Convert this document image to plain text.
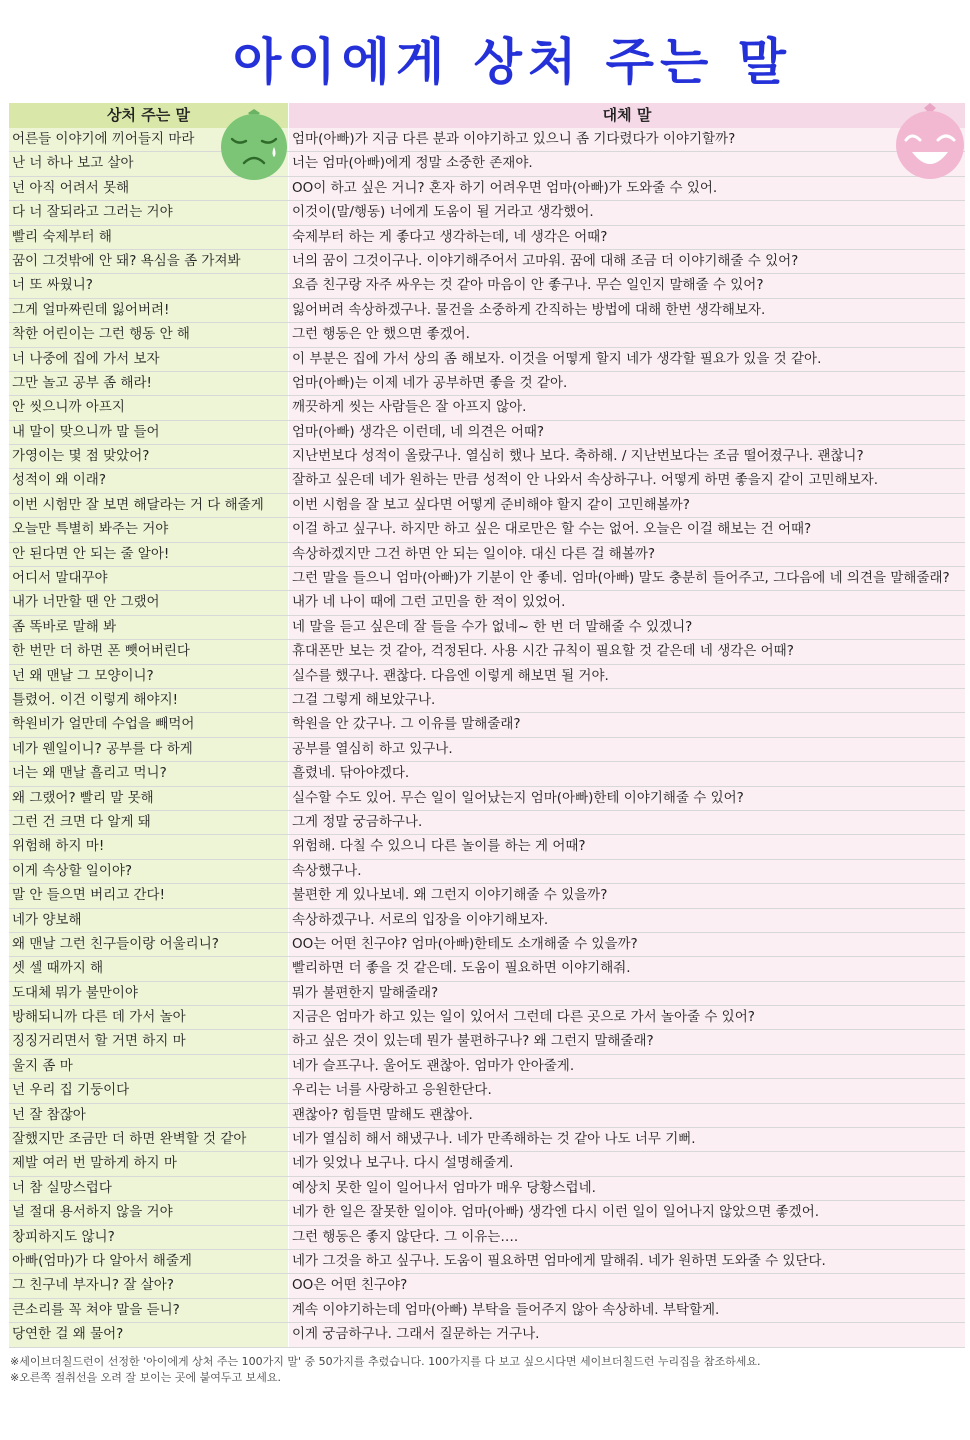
아이에게 상처 주는 말
상처 주는 말	대체 말
어른들 이야기에 끼어들지 마라	엄마(아빠)가 지금 다른 분과 이야기하고 있으니 좀 기다렸다가 이야기할까?
난 너 하나 보고 살아	너는 엄마(아빠)에게 정말 소중한 존재야.
넌 아직 어려서 못해	OO이 하고 싶은 거니? 혼자 하기 어려우면 엄마(아빠)가 도와줄 수 있어.
다 너 잘되라고 그러는 거야	이것이(말/행동) 너에게 도움이 될 거라고 생각했어.
빨리 숙제부터 해	숙제부터 하는 게 좋다고 생각하는데, 네 생각은 어때?
꿈이 그것밖에 안 돼? 욕심을 좀 가져봐	너의 꿈이 그것이구나. 이야기해주어서 고마워. 꿈에 대해 조금 더 이야기해줄 수 있어?
너 또 싸웠니?	요즘 친구랑 자주 싸우는 것 같아 마음이 안 좋구나. 무슨 일인지 말해줄 수 있어?
그게 얼마짜린데 잃어버려!	잃어버려 속상하겠구나. 물건을 소중하게 간직하는 방법에 대해 한번 생각해보자.
착한 어린이는 그런 행동 안 해	그런 행동은 안 했으면 좋겠어.
너 나중에 집에 가서 보자	이 부분은 집에 가서 상의 좀 해보자. 이것을 어떻게 할지 네가 생각할 필요가 있을 것 같아.
그만 놀고 공부 좀 해라!	엄마(아빠)는 이제 네가 공부하면 좋을 것 같아.
안 씻으니까 아프지	깨끗하게 씻는 사람들은 잘 아프지 않아.
내 말이 맞으니까 말 들어	엄마(아빠) 생각은 이런데, 네 의견은 어때?
가영이는 몇 점 맞았어?	지난번보다 성적이 올랐구나. 열심히 했나 보다. 축하해. / 지난번보다는 조금 떨어졌구나. 괜찮니?
성적이 왜 이래?	잘하고 싶은데 네가 원하는 만큼 성적이 안 나와서 속상하구나. 어떻게 하면 좋을지 같이 고민해보자.
이번 시험만 잘 보면 해달라는 거 다 해줄게	이번 시험을 잘 보고 싶다면 어떻게 준비해야 할지 같이 고민해볼까?
오늘만 특별히 봐주는 거야	이걸 하고 싶구나. 하지만 하고 싶은 대로만은 할 수는 없어. 오늘은 이걸 해보는 건 어때?
안 된다면 안 되는 줄 알아!	속상하겠지만 그건 하면 안 되는 일이야. 대신 다른 걸 해볼까?
어디서 말대꾸야	그런 말을 들으니 엄마(아빠)가 기분이 안 좋네. 엄마(아빠) 말도 충분히 들어주고, 그다음에 네 의견을 말해줄래?
내가 너만할 땐 안 그랬어	내가 네 나이 때에 그런 고민을 한 적이 있었어.
좀 똑바로 말해 봐	네 말을 듣고 싶은데 잘 들을 수가 없네~ 한 번 더 말해줄 수 있겠니?
한 번만 더 하면 폰 뺏어버린다	휴대폰만 보는 것 같아, 걱정된다. 사용 시간 규칙이 필요할 것 같은데 네 생각은 어때?
넌 왜 맨날 그 모양이니?	실수를 했구나. 괜찮다. 다음엔 이렇게 해보면 될 거야.
틀렸어. 이건 이렇게 해야지!	그걸 그렇게 해보았구나.
학원비가 얼만데 수업을 빼먹어	학원을 안 갔구나. 그 이유를 말해줄래?
네가 웬일이니? 공부를 다 하게	공부를 열심히 하고 있구나.
너는 왜 맨날 흘리고 먹니?	흘렸네. 닦아야겠다.
왜 그랬어? 빨리 말 못해	실수할 수도 있어. 무슨 일이 일어났는지 엄마(아빠)한테 이야기해줄 수 있어?
그런 건 크면 다 알게 돼	그게 정말 궁금하구나.
위험해 하지 마!	위험해. 다칠 수 있으니 다른 놀이를 하는 게 어때?
이게 속상할 일이야?	속상했구나.
말 안 들으면 버리고 간다!	불편한 게 있나보네. 왜 그런지 이야기해줄 수 있을까?
네가 양보해	속상하겠구나. 서로의 입장을 이야기해보자.
왜 맨날 그런 친구들이랑 어울리니?	OO는 어떤 친구야? 엄마(아빠)한테도 소개해줄 수 있을까?
셋 셀 때까지 해	빨리하면 더 좋을 것 같은데. 도움이 필요하면 이야기해줘.
도대체 뭐가 불만이야	뭐가 불편한지 말해줄래?
방해되니까 다른 데 가서 놀아	지금은 엄마가 하고 있는 일이 있어서 그런데 다른 곳으로 가서 놀아줄 수 있어?
징징거리면서 할 거면 하지 마	하고 싶은 것이 있는데 뭔가 불편하구나? 왜 그런지 말해줄래?
울지 좀 마	네가 슬프구나. 울어도 괜찮아. 엄마가 안아줄게.
넌 우리 집 기둥이다	우리는 너를 사랑하고 응원한단다.
넌 잘 참잖아	괜찮아? 힘들면 말해도 괜찮아.
잘했지만 조금만 더 하면 완벽할 것 같아	네가 열심히 해서 해냈구나. 네가 만족해하는 것 같아 나도 너무 기뻐.
제발 여러 번 말하게 하지 마	네가 잊었나 보구나. 다시 설명해줄게.
너 참 실망스럽다	예상치 못한 일이 일어나서 엄마가 매우 당황스럽네.
널 절대 용서하지 않을 거야	네가 한 일은 잘못한 일이야. 엄마(아빠) 생각엔 다시 이런 일이 일어나지 않았으면 좋겠어.
창피하지도 않니?	그런 행동은 좋지 않단다. 그 이유는….
아빠(엄마)가 다 알아서 해줄게	네가 그것을 하고 싶구나. 도움이 필요하면 엄마에게 말해줘. 네가 원하면 도와줄 수 있단다.
그 친구네 부자니? 잘 살아?	OO은 어떤 친구야?
큰소리를 꼭 쳐야 말을 듣니?	계속 이야기하는데 엄마(아빠) 부탁을 들어주지 않아 속상하네. 부탁할게.
당연한 걸 왜 물어?	이게 궁금하구나. 그래서 질문하는 거구나.
※세이브더칠드런이 선정한 '아이에게 상처 주는 100가지 말' 중 50가지를 추렸습니다. 100가지를 다 보고 싶으시다면 세이브더칠드런 누리집을 참조하세요.
※오른쪽 절취선을 오려 잘 보이는 곳에 붙여두고 보세요.
